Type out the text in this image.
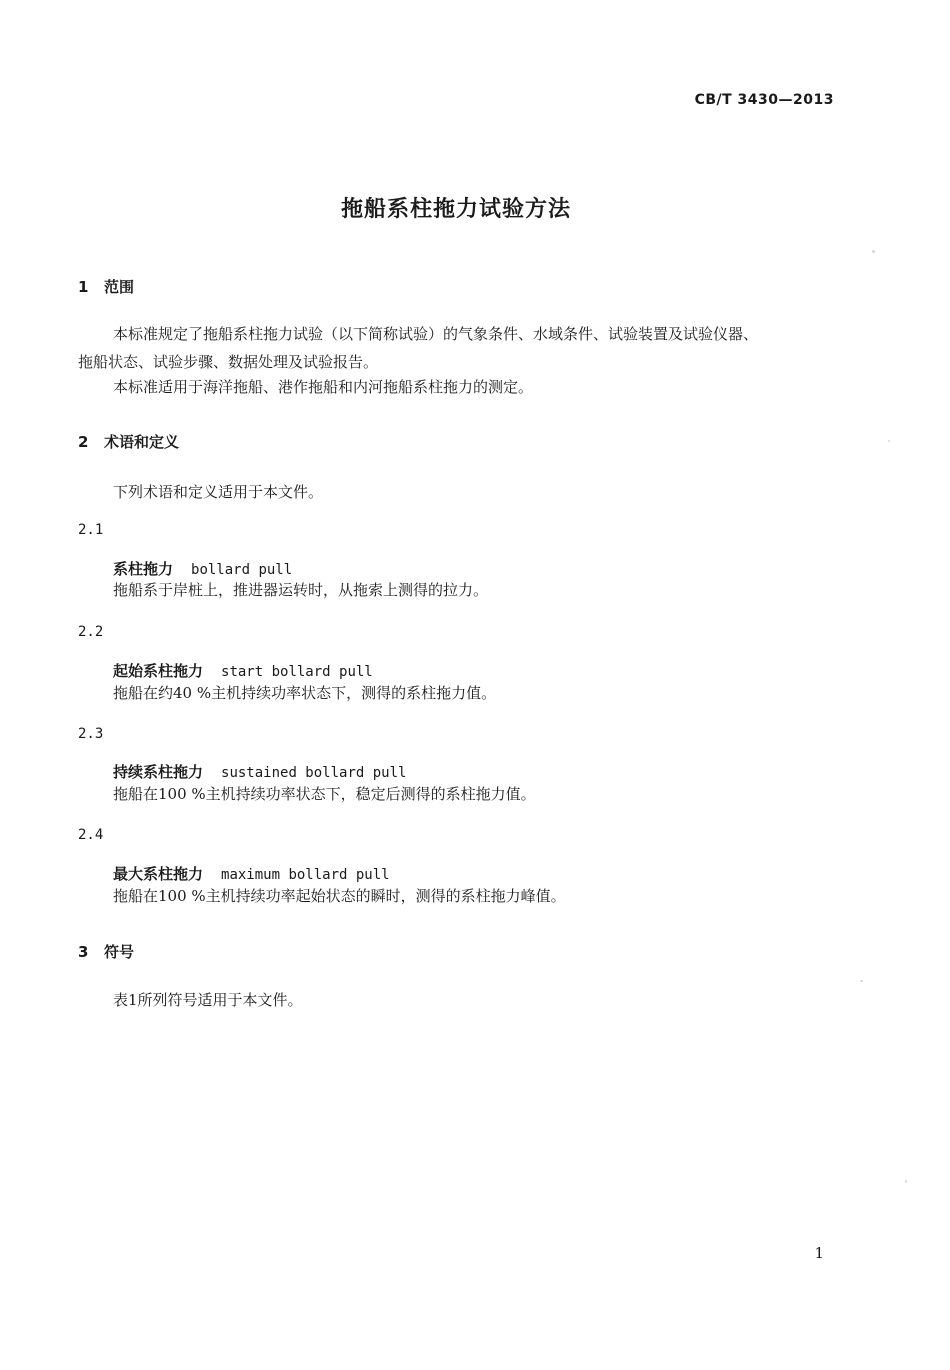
CB/T 3430—2013
拖船系柱拖力试验方法
1 范围
本标准规定了拖船系柱拖力试验（以下简称试验）的气象条件、水域条件、试验装置及试验仪器、
拖船状态、试验步骤、数据处理及试验报告。
本标准适用于海洋拖船、港作拖船和内河拖船系柱拖力的测定。
2 术语和定义
下列术语和定义适用于本文件。
2.1
系柱拖力 bollard pull
拖船系于岸桩上，推进器运转时，从拖索上测得的拉力。
2.2
起始系柱拖力 start bollard pull
拖船在约40 %主机持续功率状态下，测得的系柱拖力值。
2.3
持续系柱拖力 sustained bollard pull
拖船在100 %主机持续功率状态下，稳定后测得的系柱拖力值。
2.4
最大系柱拖力 maximum bollard pull
拖船在100 %主机持续功率起始状态的瞬时，测得的系柱拖力峰值。
3 符号
表1所列符号适用于本文件。
1
